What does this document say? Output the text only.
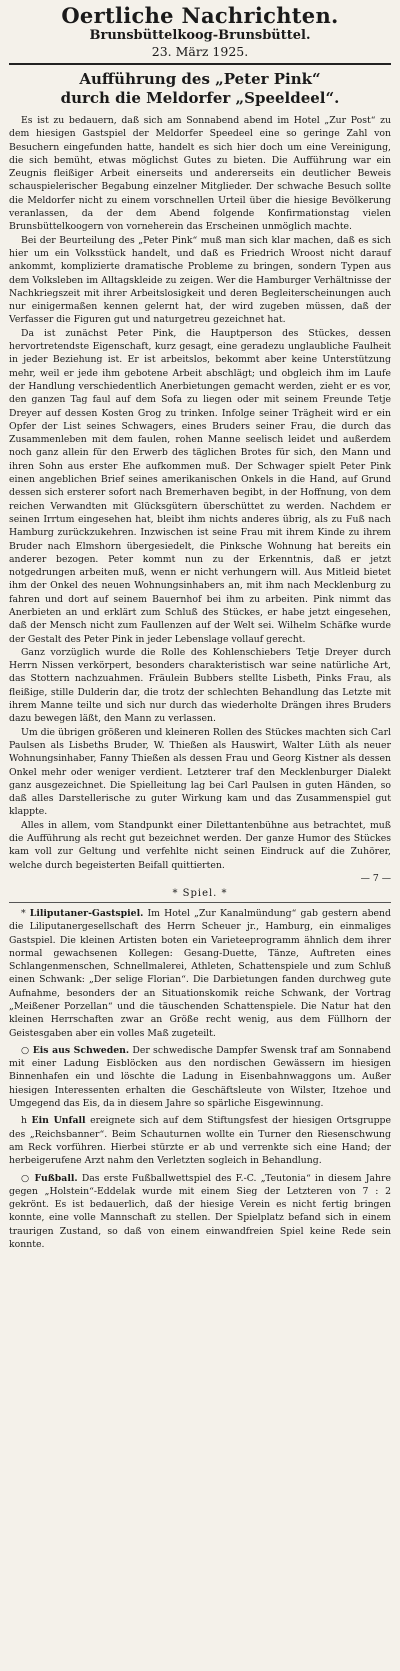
Oertliche Nachrichten.
Brunsbüttelkoog-Brunsbüttel.
23. März 1925.
Aufführung des „Peter Pink“
durch die Meldorfer „Speeldeel“.

Es ist zu bedauern, daß sich am Sonnabend abend im Hotel „Zur Post“ zu dem hiesigen Gastspiel der Meldorfer Speedeel eine so geringe Zahl von Besuchern eingefunden hatte, handelt es sich hier doch um eine Vereinigung, die sich bemüht, etwas möglichst Gutes zu bieten. Die Aufführung war ein Zeugnis fleißiger Arbeit einerseits und andererseits ein deutlicher Beweis schauspielerischer Begabung einzelner Mitglieder. Der schwache Besuch sollte die Meldorfer nicht zu einem vorschnellen Urteil über die hiesige Bevölkerung veranlassen, da der dem Abend folgende Konfirmationstag vielen Brunsbüttelkoogern von vorneherein das Erscheinen unmöglich machte.

Bei der Beurteilung des „Peter Pink“ muß man sich klar machen, daß es sich hier um ein Volksstück handelt, und daß es Friedrich Wroost nicht darauf ankommt, komplizierte dramatische Probleme zu bringen, sondern Typen aus dem Volksleben im Alltagskleide zu zeigen. Wer die Hamburger Verhältnisse der Nachkriegszeit mit ihrer Arbeitslosigkeit und deren Begleiterscheinungen auch nur einigermaßen kennen gelernt hat, der wird zugeben müssen, daß der Verfasser die Figuren gut und naturgetreu gezeichnet hat.

Da ist zunächst Peter Pink, die Hauptperson des Stückes, dessen hervortretendste Eigenschaft, kurz gesagt, eine geradezu unglaubliche Faulheit in jeder Beziehung ist. Er ist arbeitslos, bekommt aber keine Unterstützung mehr, weil er jede ihm gebotene Arbeit abschlägt; und obgleich ihm im Laufe der Handlung verschiedentlich Anerbietungen gemacht werden, zieht er es vor, den ganzen Tag faul auf dem Sofa zu liegen oder mit seinem Freunde Tetje Dreyer auf dessen Kosten Grog zu trinken. Infolge seiner Trägheit wird er ein Opfer der List seines Schwagers, eines Bruders seiner Frau, die durch das Zusammenleben mit dem faulen, rohen Manne seelisch leidet und außerdem noch ganz allein für den Erwerb des täglichen Brotes für sich, den Mann und ihren Sohn aus erster Ehe aufkommen muß. Der Schwager spielt Peter Pink einen angeblichen Brief seines amerikanischen Onkels in die Hand, auf Grund dessen sich ersterer sofort nach Bremerhaven begibt, in der Hoffnung, von dem reichen Verwandten mit Glücksgütern überschüttet zu werden. Nachdem er seinen Irrtum eingesehen hat, bleibt ihm nichts anderes übrig, als zu Fuß nach Hamburg zurückzukehren. Inzwischen ist seine Frau mit ihrem Kinde zu ihrem Bruder nach Elmshorn übergesiedelt, die Pinksche Wohnung hat bereits ein anderer bezogen. Peter kommt nun zu der Erkenntnis, daß er jetzt notgedrungen arbeiten muß, wenn er nicht verhungern will. Aus Mitleid bietet ihm der Onkel des neuen Wohnungsinhabers an, mit ihm nach Mecklenburg zu fahren und dort auf seinem Bauernhof bei ihm zu arbeiten. Pink nimmt das Anerbieten an und erklärt zum Schluß des Stückes, er habe jetzt eingesehen, daß der Mensch nicht zum Faullenzen auf der Welt sei. Wilhelm Schäfke wurde der Gestalt des Peter Pink in jeder Lebenslage vollauf gerecht.

Ganz vorzüglich wurde die Rolle des Kohlenschiebers Tetje Dreyer durch Herrn Nissen verkörpert, besonders charakteristisch war seine natürliche Art, das Stottern nachzuahmen. Fräulein Bubbers stellte Lisbeth, Pinks Frau, als fleißige, stille Dulderin dar, die trotz der schlechten Behandlung das Letzte mit ihrem Manne teilte und sich nur durch das wiederholte Drängen ihres Bruders dazu bewegen läßt, den Mann zu verlassen.

Um die übrigen größeren und kleineren Rollen des Stückes machten sich Carl Paulsen als Lisbeths Bruder, W. Thießen als Hauswirt, Walter Lüth als neuer Wohnungsinhaber, Fanny Thießen als dessen Frau und Georg Kistner als dessen Onkel mehr oder weniger verdient. Letzterer traf den Mecklenburger Dialekt ganz ausgezeichnet. Die Spielleitung lag bei Carl Paulsen in guten Händen, so daß alles Darstellerische zu guter Wirkung kam und das Zusammenspiel gut klappte.

Alles in allem, vom Standpunkt einer Dilettantenbühne aus betrachtet, muß die Aufführung als recht gut bezeichnet werden. Der ganze Humor des Stückes kam voll zur Geltung und verfehlte nicht seinen Eindruck auf die Zuhörer, welche durch begeisterten Beifall quittierten.

— 7 —
* Spiel. *

* Liliputaner-Gastspiel. Im Hotel „Zur Kanalmündung“ gab gestern abend die Liliputanergesellschaft des Herrn Scheuer jr., Hamburg, ein einmaliges Gastspiel. Die kleinen Artisten boten ein Varieteeprogramm ähnlich dem ihrer normal gewachsenen Kollegen: Gesang-Duette, Tänze, Auftreten eines Schlangenmenschen, Schnellmalerei, Athleten, Schattenspiele und zum Schluß einen Schwank: „Der selige Florian“. Die Darbietungen fanden durchweg gute Aufnahme, besonders der an Situationskomik reiche Schwank, der Vortrag „Meißener Porzellan“ und die täuschenden Schattenspiele. Die Natur hat den kleinen Herrschaften zwar an Größe recht wenig, aus dem Füllhorn der Geistesgaben aber ein volles Maß zugeteilt.

○ Eis aus Schweden. Der schwedische Dampfer Swensk traf am Sonnabend mit einer Ladung Eisblöcken aus den nordischen Gewässern im hiesigen Binnenhafen ein und löschte die Ladung in Eisenbahnwaggons um. Außer hiesigen Interessenten erhalten die Geschäftsleute von Wilster, Itzehoe und Umgegend das Eis, da in diesem Jahre so spärliche Eisgewinnung.

h Ein Unfall ereignete sich auf dem Stiftungsfest der hiesigen Ortsgruppe des „Reichsbanner“. Beim Schauturnen wollte ein Turner den Riesenschwung am Reck vorführen. Hierbei stürzte er ab und verrenkte sich eine Hand; der herbeigerufene Arzt nahm den Verletzten sogleich in Behandlung.

○ Fußball. Das erste Fußballwettspiel des F.-C. „Teutonia“ in diesem Jahre gegen „Holstein“-Eddelak wurde mit einem Sieg der Letzteren von 7 : 2 gekrönt. Es ist bedauerlich, daß der hiesige Verein es nicht fertig bringen konnte, eine volle Mannschaft zu stellen. Der Spielplatz befand sich in einem traurigen Zustand, so daß von einem einwandfreien Spiel keine Rede sein konnte.
